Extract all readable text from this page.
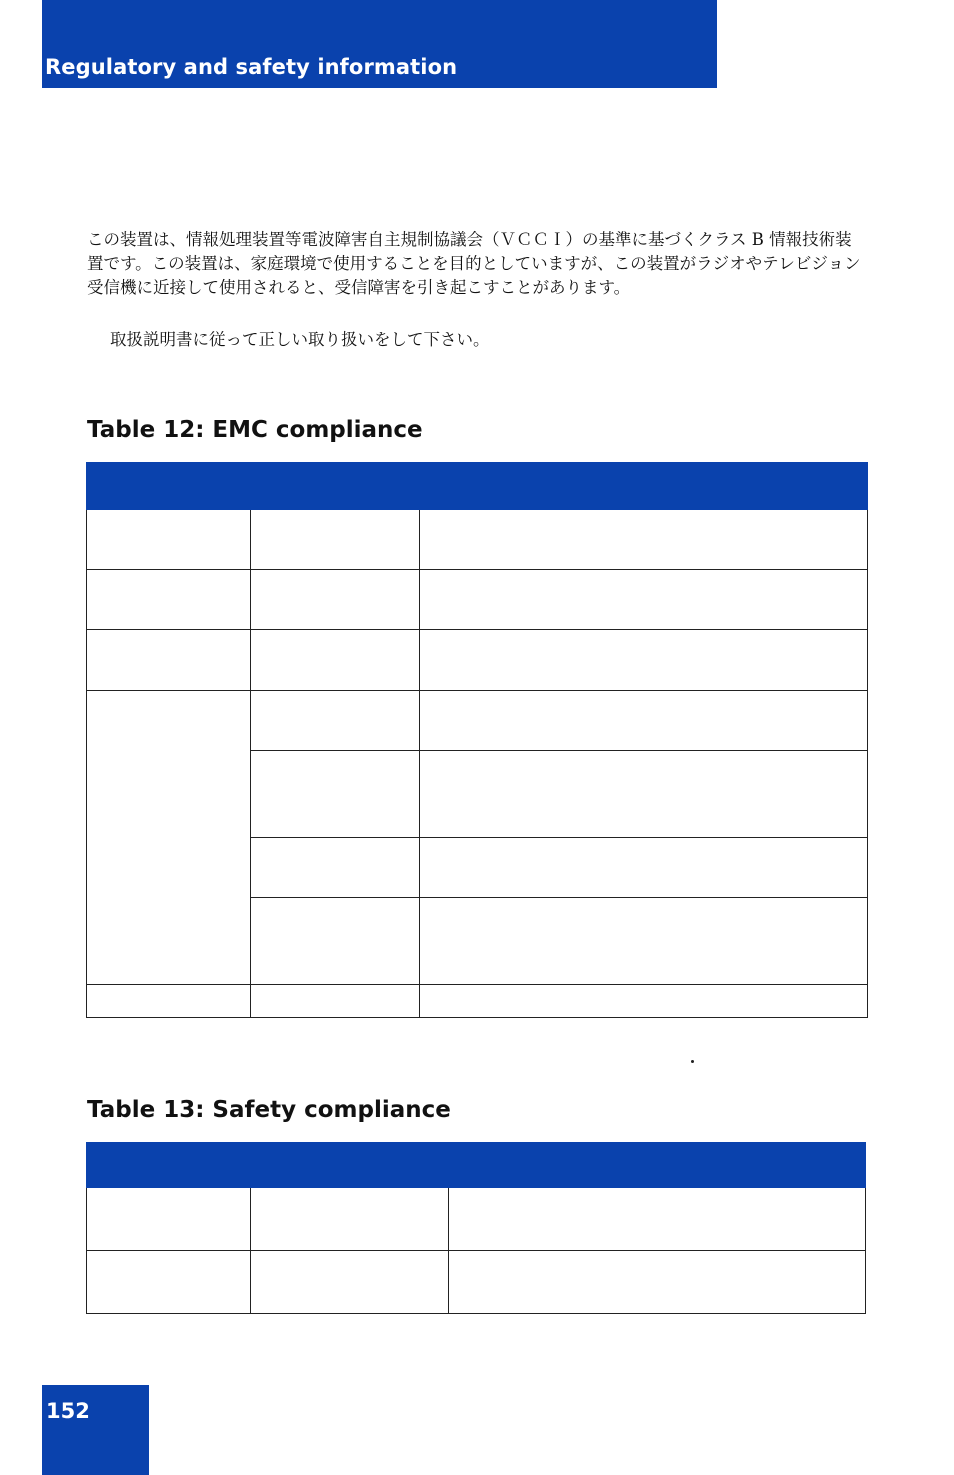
Regulatory and safety information

この装置は、情報処理装置等電波障害自主規制協議会（ＶＣＣＩ）の基準に基づくクラス B 情報技術装置です。この装置は、家庭環境で使用することを目的としていますが、この装置がラジオやテレビジョン受信機に近接して使用されると、受信障害を引き起こすことがあります。

取扱説明書に従って正しい取り扱いをして下さい。

Table 12: EMC compliance

Table 13: Safety compliance

152
